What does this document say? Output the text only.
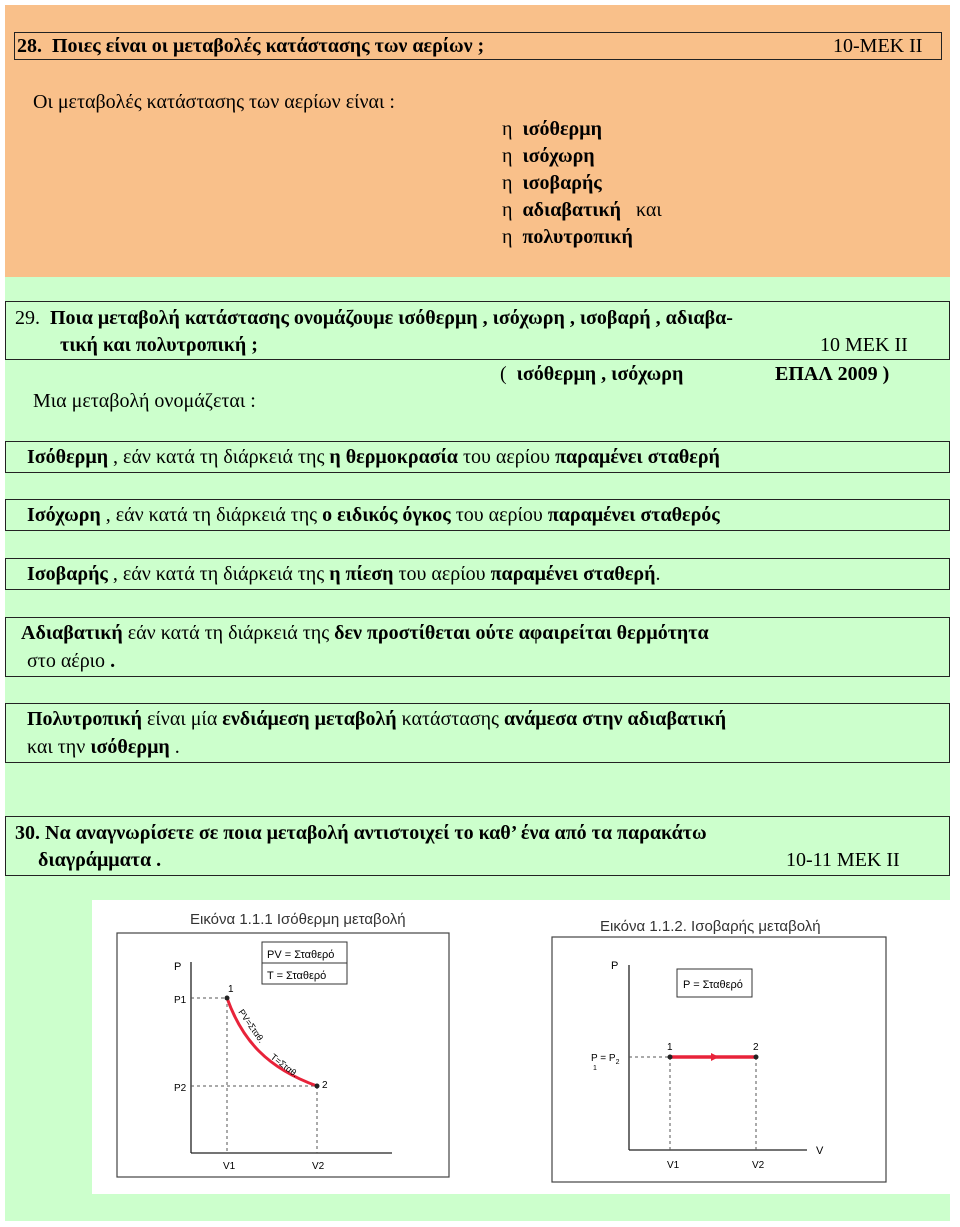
28. Ποιες είναι οι μεταβολές κατάστασης των αερίων ;	10-ΜΕΚ ΙΙ
Οι μεταβολές κατάστασης των αερίων είναι :
η ισόθερμη
η ισόχωρη
η ισοβαρής
η αδιαβατική και
η πολυτροπική
29. Ποια μεταβολή κατάστασης ονομάζουμε ισόθερμη , ισόχωρη , ισοβαρή , αδιαβα-
τική και πολυτροπική ;	10 ΜΕΚ ΙΙ
( ισόθερμη , ισόχωρη	ΕΠΑΛ 2009 )
Μια μεταβολή ονομάζεται :
Ισόθερμη , εάν κατά τη διάρκειά της η θερμοκρασία του αερίου παραμένει σταθερή
Ισόχωρη , εάν κατά τη διάρκειά της ο ειδικός όγκος του αερίου παραμένει σταθερός
Ισοβαρής , εάν κατά τη διάρκειά της η πίεση του αερίου παραμένει σταθερή.
Αδιαβατική εάν κατά τη διάρκειά της δεν προστίθεται ούτε αφαιρείται θερμότητα
στο αέριο .
Πολυτροπική είναι μία ενδιάμεση μεταβολή κατάστασης ανάμεσα στην αδιαβατική
και την ισόθερμη .
30. Να αναγνωρίσετε σε ποια μεταβολή αντιστοιχεί το καθ’ ένα από τα παρακάτω
διαγράμματα .	10-11 ΜΕΚ ΙΙ
Εικόνα 1.1.1 Ισόθερμη μεταβολή
PV = Σταθερό
T = Σταθερό
P
P1
P2
V1	V2
1
2
PV=Σταθ.
T=Σταθ.
Εικόνα 1.1.2. Ισοβαρής μεταβολή
P = Σταθερό
P
V
$P = P_2$
1
V1	V2
1	2
